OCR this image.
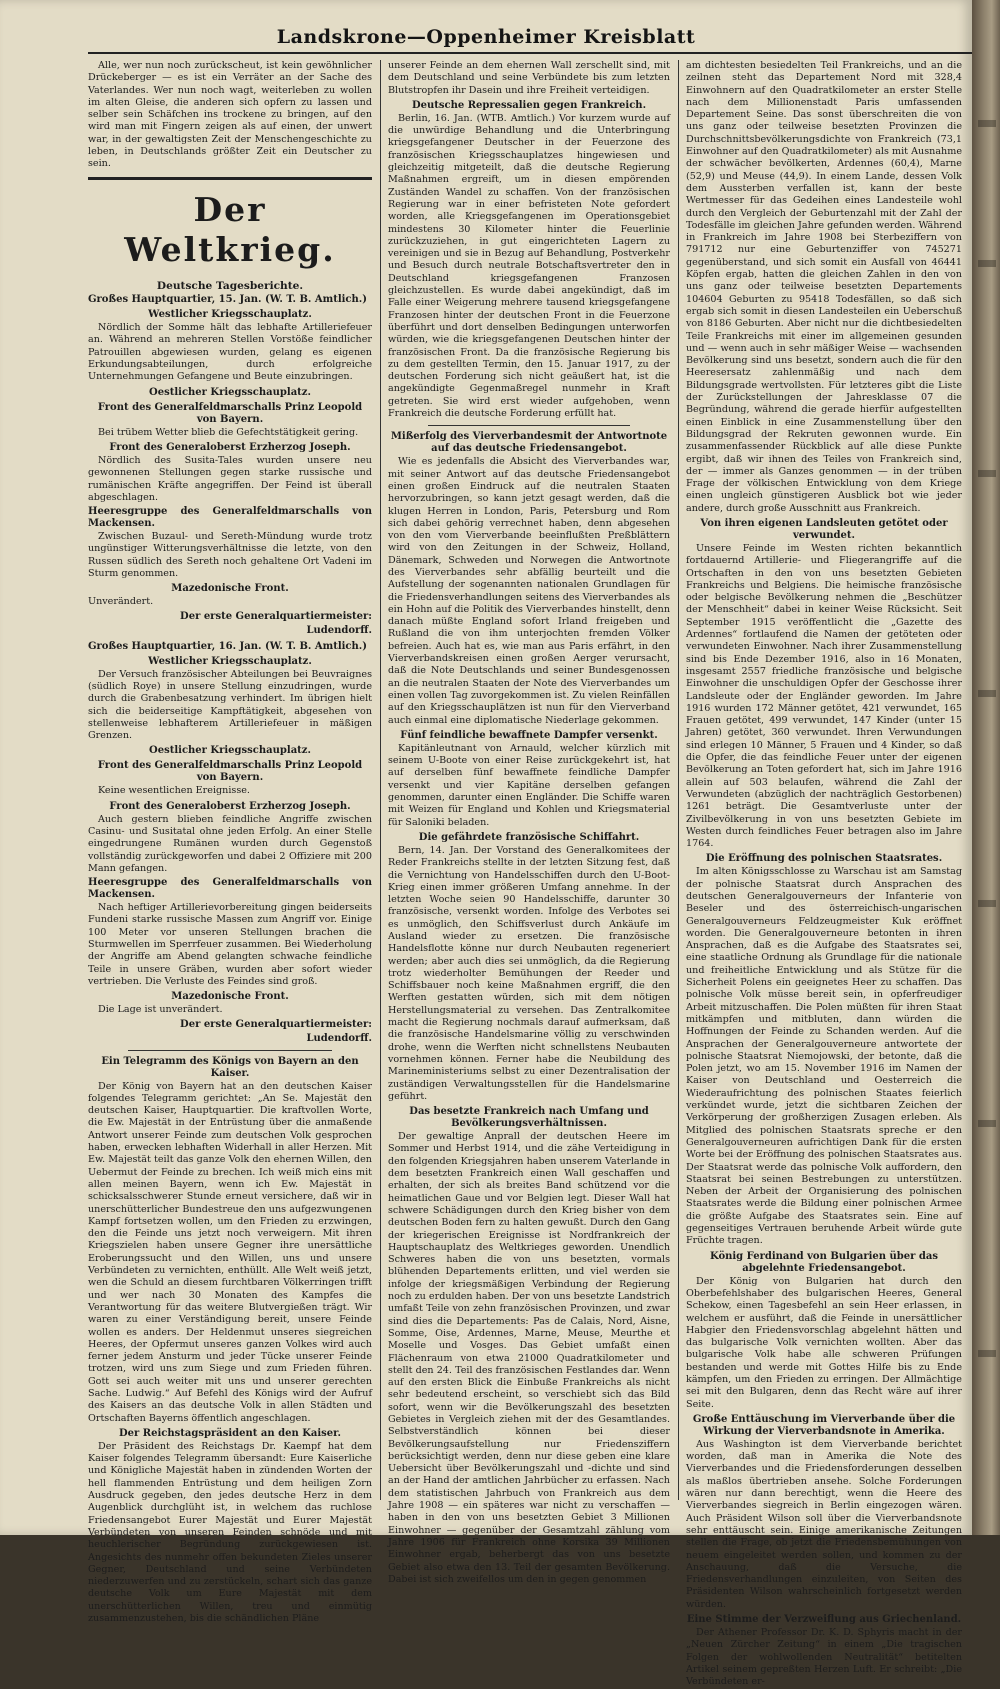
Landskrone—Oppenheimer Kreisblatt

Alle, wer nun noch zurückscheut, ist kein gewöhnlicher Drückeberger — es ist ein Verräter an der Sache des Vaterlandes. Wer nun noch wagt, weiterleben zu wollen im alten Gleise, die anderen sich opfern zu lassen und selber sein Schäfchen ins trockene zu bringen, auf den wird man mit Fingern zeigen als auf einen, der unwert war, in der gewaltigsten Zeit der Menschengeschichte zu leben, in Deutschlands größter Zeit ein Deutscher zu sein.

Der Weltkrieg.
Deutsche Tagesberichte.
Großes Hauptquartier, 15. Jan. (W. T. B. Amtlich.)
Westlicher Kriegsschauplatz.

Nördlich der Somme hält das lebhafte Artilleriefeuer an. Während an mehreren Stellen Vorstöße feindlicher Patrouillen abgewiesen wurden, gelang es eigenen Erkundungsabteilungen, durch erfolgreiche Unternehmungen Gefangene und Beute einzubringen.

Oestlicher Kriegsschauplatz.
Front des Generalfeldmarschalls Prinz Leopold von Bayern.

Bei trübem Wetter blieb die Gefechtstätigkeit gering.

Front des Generaloberst Erzherzog Joseph.

Nördlich des Susita-Tales wurden unsere neu gewonnenen Stellungen gegen starke russische und rumänischen Kräfte angegriffen. Der Feind ist überall abgeschlagen.

Heeresgruppe des Generalfeldmarschalls von Mackensen.

Zwischen Buzaul- und Sereth-Mündung wurde trotz ungünstiger Witterungsverhältnisse die letzte, von den Russen südlich des Sereth noch gehaltene Ort Vadeni im Sturm genommen.

Mazedonische Front.

Unverändert.

Der erste Generalquartiermeister:
Ludendorff.
Großes Hauptquartier, 16. Jan. (W. T. B. Amtlich.)
Westlicher Kriegsschauplatz.

Der Versuch französischer Abteilungen bei Beuvraignes (südlich Roye) in unsere Stellung einzudringen, wurde durch die Grabenbesatzung verhindert. Im übrigen hielt sich die beiderseitige Kampftätigkeit, abgesehen von stellenweise lebhafterem Artilleriefeuer in mäßigen Grenzen.

Oestlicher Kriegsschauplatz.
Front des Generalfeldmarschalls Prinz Leopold von Bayern.

Keine wesentlichen Ereignisse.

Front des Generaloberst Erzherzog Joseph.

Auch gestern blieben feindliche Angriffe zwischen Casinu- und Susitatal ohne jeden Erfolg. An einer Stelle eingedrungene Rumänen wurden durch Gegenstoß vollständig zurückgeworfen und dabei 2 Offiziere mit 200 Mann gefangen.

Heeresgruppe des Generalfeldmarschalls von Mackensen.

Nach heftiger Artillerievorbereitung gingen beiderseits Fundeni starke russische Massen zum Angriff vor. Einige 100 Meter vor unseren Stellungen brachen die Sturmwellen im Sperrfeuer zusammen. Bei Wiederholung der Angriffe am Abend gelangten schwache feindliche Teile in unsere Gräben, wurden aber sofort wieder vertrieben. Die Verluste des Feindes sind groß.

Mazedonische Front.

Die Lage ist unverändert.

Der erste Generalquartiermeister:
Ludendorff.
Ein Telegramm des Königs von Bayern an den Kaiser.

Der König von Bayern hat an den deutschen Kaiser folgendes Telegramm gerichtet: „An Se. Majestät den deutschen Kaiser, Hauptquartier. Die kraftvollen Worte, die Ew. Majestät in der Entrüstung über die anmaßende Antwort unserer Feinde zum deutschen Volk gesprochen haben, erwecken lebhaften Widerhall in aller Herzen. Mit Ew. Majestät teilt das ganze Volk den ehernen Willen, den Uebermut der Feinde zu brechen. Ich weiß mich eins mit allen meinen Bayern, wenn ich Ew. Majestät in schicksalsschwerer Stunde erneut versichere, daß wir in unerschütterlicher Bundestreue den uns aufgezwungenen Kampf fortsetzen wollen, um den Frieden zu erzwingen, den die Feinde uns jetzt noch verweigern. Mit ihren Kriegszielen haben unsere Gegner ihre unersättliche Eroberungssucht und den Willen, uns und unsere Verbündeten zu vernichten, enthüllt. Alle Welt weiß jetzt, wen die Schuld an diesem furchtbaren Völkerringen trifft und wer nach 30 Monaten des Kampfes die Verantwortung für das weitere Blutvergießen trägt. Wir waren zu einer Verständigung bereit, unsere Feinde wollen es anders. Der Heldenmut unseres siegreichen Heeres, der Opfermut unseres ganzen Volkes wird auch ferner jedem Ansturm und jeder Tücke unserer Feinde trotzen, wird uns zum Siege und zum Frieden führen. Gott sei auch weiter mit uns und unserer gerechten Sache. Ludwig.“ Auf Befehl des Königs wird der Aufruf des Kaisers an das deutsche Volk in allen Städten und Ortschaften Bayerns öffentlich angeschlagen.

Der Reichstagspräsident an den Kaiser.

Der Präsident des Reichstags Dr. Kaempf hat dem Kaiser folgendes Telegramm übersandt: Eure Kaiserliche und Königliche Majestät haben in zündenden Worten der hell flammenden Entrüstung und dem heiligen Zorn Ausdruck gegeben, den jedes deutsche Herz in dem Augenblick durchglüht ist, in welchem das ruchlose Friedensangebot Eurer Majestät und Eurer Majestät Verbündeten von unseren Feinden schnöde und mit heuchlerischer Begründung zurückgewiesen ist. Angesichts des nunmehr offen bekundeten Zieles unserer Gegner, Deutschland und seine Verbündeten niederzuwerfen und zu zerstückeln, schart sich das ganze deutsche Volk um Eure Majestät mit dem unerschütterlichen Willen, treu und einmütig zusammenzustehen, bis die schändlichen Pläne

unserer Feinde an dem ehernen Wall zerschellt sind, mit dem Deutschland und seine Verbündete bis zum letzten Blutstropfen ihr Dasein und ihre Freiheit verteidigen.

Deutsche Repressalien gegen Frankreich.

Berlin, 16. Jan. (WTB. Amtlich.) Vor kurzem wurde auf die unwürdige Behandlung und die Unterbringung kriegsgefangener Deutscher in der Feuerzone des französischen Kriegsschauplatzes hingewiesen und gleichzeitig mitgeteilt, daß die deutsche Regierung Maßnahmen ergreift, um in diesen empörenden Zuständen Wandel zu schaffen. Von der französischen Regierung war in einer befristeten Note gefordert worden, alle Kriegsgefangenen im Operationsgebiet mindestens 30 Kilometer hinter die Feuerlinie zurückzuziehen, in gut eingerichteten Lagern zu vereinigen und sie in Bezug auf Behandlung, Postverkehr und Besuch durch neutrale Botschaftsvertreter den in Deutschland kriegsgefangenen Franzosen gleichzustellen. Es wurde dabei angekündigt, daß im Falle einer Weigerung mehrere tausend kriegsgefangene Franzosen hinter der deutschen Front in die Feuerzone überführt und dort denselben Bedingungen unterworfen würden, wie die kriegsgefangenen Deutschen hinter der französischen Front. Da die französische Regierung bis zu dem gestellten Termin, den 15. Januar 1917, zu der deutschen Forderung sich nicht geäußert hat, ist die angekündigte Gegenmaßregel nunmehr in Kraft getreten. Sie wird erst wieder aufgehoben, wenn Frankreich die deutsche Forderung erfüllt hat.

Mißerfolg des Vierverbandesmit der Antwortnote auf das deutsche Friedensangebot.

Wie es jedenfalls die Absicht des Vierverbandes war, mit seiner Antwort auf das deutsche Friedensangebot einen großen Eindruck auf die neutralen Staaten hervorzubringen, so kann jetzt gesagt werden, daß die klugen Herren in London, Paris, Petersburg und Rom sich dabei gehörig verrechnet haben, denn abgesehen von den vom Vierverbande beeinflußten Preßblättern wird von den Zeitungen in der Schweiz, Holland, Dänemark, Schweden und Norwegen die Antwortnote des Vierverbandes sehr abfällig beurteilt und die Aufstellung der sogenannten nationalen Grundlagen für die Friedensverhandlungen seitens des Vierverbandes als ein Hohn auf die Politik des Vierverbandes hinstellt, denn danach müßte England sofort Irland freigeben und Rußland die von ihm unterjochten fremden Völker befreien. Auch hat es, wie man aus Paris erfährt, in den Vierverbandskreisen einen großen Aerger verursacht, daß die Note Deutschlands und seiner Bundesgenossen an die neutralen Staaten der Note des Vierverbandes um einen vollen Tag zuvorgekommen ist. Zu vielen Reinfällen auf den Kriegsschauplätzen ist nun für den Vierverband auch einmal eine diplomatische Niederlage gekommen.

Fünf feindliche bewaffnete Dampfer versenkt.

Kapitänleutnant von Arnauld, welcher kürzlich mit seinem U-Boote von einer Reise zurückgekehrt ist, hat auf derselben fünf bewaffnete feindliche Dampfer versenkt und vier Kapitäne derselben gefangen genommen, darunter einen Engländer. Die Schiffe waren mit Weizen für England und Kohlen und Kriegsmaterial für Saloniki beladen.

Die gefährdete französische Schiffahrt.

Bern, 14. Jan. Der Vorstand des Generalkomitees der Reder Frankreichs stellte in der letzten Sitzung fest, daß die Vernichtung von Handelsschiffen durch den U-Boot-Krieg einen immer größeren Umfang annehme. In der letzten Woche seien 90 Handelsschiffe, darunter 30 französische, versenkt worden. Infolge des Verbotes sei es unmöglich, den Schiffsverlust durch Ankäufe im Ausland wieder zu ersetzen. Die französische Handelsflotte könne nur durch Neubauten regeneriert werden; aber auch dies sei unmöglich, da die Regierung trotz wiederholter Bemühungen der Reeder und Schiffsbauer noch keine Maßnahmen ergriff, die den Werften gestatten würden, sich mit dem nötigen Herstellungsmaterial zu versehen. Das Zentralkomitee macht die Regierung nochmals darauf aufmerksam, daß die französische Handelsmarine völlig zu verschwinden drohe, wenn die Werften nicht schnellstens Neubauten vornehmen können. Ferner habe die Neubildung des Marineministeriums selbst zu einer Dezentralisation der zuständigen Verwaltungsstellen für die Handelsmarine geführt.

Das besetzte Frankreich nach Umfang und Bevölkerungsverhältnissen.

Der gewaltige Anprall der deutschen Heere im Sommer und Herbst 1914, und die zähe Verteidigung in den folgenden Kriegsjahren haben unserem Vaterlande in dem besetzten Frankreich einen Wall geschaffen und erhalten, der sich als breites Band schützend vor die heimatlichen Gaue und vor Belgien legt. Dieser Wall hat schwere Schädigungen durch den Krieg bisher von dem deutschen Boden fern zu halten gewußt. Durch den Gang der kriegerischen Ereignisse ist Nordfrankreich der Hauptschauplatz des Weltkrieges geworden. Unendlich Schweres haben die von uns besetzten, vormals blühenden Departements erlitten, und viel werden sie infolge der kriegsmäßigen Verbindung der Regierung noch zu erdulden haben. Der von uns besetzte Landstrich umfaßt Teile von zehn französischen Provinzen, und zwar sind dies die Departements: Pas de Calais, Nord, Aisne, Somme, Oise, Ardennes, Marne, Meuse, Meurthe et Moselle und Vosges. Das Gebiet umfaßt einen Flächenraum von etwa 21000 Quadratkilometer und stellt den 24. Teil des französischen Festlandes dar. Wenn auf den ersten Blick die Einbuße Frankreichs als nicht sehr bedeutend erscheint, so verschiebt sich das Bild sofort, wenn wir die Bevölkerungszahl des besetzten Gebietes in Vergleich ziehen mit der des Gesamtlandes. Selbstverständlich können bei dieser Bevölkerungsaufstellung nur Friedensziffern berücksichtigt werden, denn nur diese geben eine klare Uebersicht über Bevölkerungszahl und -dichte und sind an der Hand der amtlichen Jahrbücher zu erfassen. Nach dem statistischen Jahrbuch von Frankreich aus dem Jahre 1908 — ein späteres war nicht zu verschaffen — haben in den von uns besetzten Gebiet 3 Millionen Einwohner — gegenüber der Gesamtzahl zählung vom Jahre 1906 für Frankreich ohne Korsika 39 Millionen Einwohner ergab, beherbergt das von uns besetzte Gebiet also etwa den 13. Teil der gesamten Bevölkerung. Dabei ist sich zweifellos um den in gegen genommen

am dichtesten besiedelten Teil Frankreichs, und an die zeilnen steht das Departement Nord mit 328,4 Einwohnern auf den Quadratkilometer an erster Stelle nach dem Millionenstadt Paris umfassenden Departement Seine. Das sonst überschreiten die von uns ganz oder teilweise besetzten Provinzen die Durchschnittsbevölkerungsdichte von Frankreich (73,1 Einwohner auf den Quadratkilometer) als mit Ausnahme der schwächer bevölkerten, Ardennes (60,4), Marne (52,9) und Meuse (44,9). In einem Lande, dessen Volk dem Aussterben verfallen ist, kann der beste Wertmesser für das Gedeihen eines Landesteile wohl durch den Vergleich der Geburtenzahl mit der Zahl der Todesfälle im gleichen Jahre gefunden werden. Während in Frankreich im Jahre 1908 bei Sterbeziffern von 791712 nur eine Geburtenziffer von 745271 gegenüberstand, und sich somit ein Ausfall von 46441 Köpfen ergab, hatten die gleichen Zahlen in den von uns ganz oder teilweise besetzten Departements 104604 Geburten zu 95418 Todesfällen, so daß sich ergab sich somit in diesen Landesteilen ein Ueberschuß von 8186 Geburten. Aber nicht nur die dichtbesiedelten Teile Frankreichs mit einer im allgemeinen gesunden und — wenn auch in sehr mäßiger Weise — wachsenden Bevölkerung sind uns besetzt, sondern auch die für den Heeresersatz zahlenmäßig und nach dem Bildungsgrade wertvollsten. Für letzteres gibt die Liste der Zurückstellungen der Jahresklasse 07 die Begründung, während die gerade hierfür aufgestellten einen Einblick in eine Zusammenstellung über den Bildungsgrad der Rekruten gewonnen wurde. Ein zusammenfassender Rückblick auf alle diese Punkte ergibt, daß wir ihnen des Teiles von Frankreich sind, der — immer als Ganzes genommen — in der trüben Frage der völkischen Entwicklung von dem Kriege einen ungleich günstigeren Ausblick bot wie jeder andere, durch große Ausschnitt aus Frankreich.

Von ihren eigenen Landsleuten getötet oder verwundet.

Unsere Feinde im Westen richten bekanntlich fortdauernd Artillerie- und Fliegerangriffe auf die Ortschaften in den von uns besetzten Gebieten Frankreichs und Belgiens. Die heimische französische oder belgische Bevölkerung nehmen die „Beschützer der Menschheit“ dabei in keiner Weise Rücksicht. Seit September 1915 veröffentlicht die „Gazette des Ardennes“ fortlaufend die Namen der getöteten oder verwundeten Einwohner. Nach ihrer Zusammenstellung sind bis Ende Dezember 1916, also in 16 Monaten, insgesamt 2557 friedliche französische und belgische Einwohner die unschuldigen Opfer der Geschosse ihrer Landsleute oder der Engländer geworden. Im Jahre 1916 wurden 172 Männer getötet, 421 verwundet, 165 Frauen getötet, 499 verwundet, 147 Kinder (unter 15 Jahren) getötet, 360 verwundet. Ihren Verwundungen sind erlegen 10 Männer, 5 Frauen und 4 Kinder, so daß die Opfer, die das feindliche Feuer unter der eigenen Bevölkerung an Toten gefordert hat, sich im Jahre 1916 allein auf 503 belaufen, während die Zahl der Verwundeten (abzüglich der nachträglich Gestorbenen) 1261 beträgt. Die Gesamtverluste unter der Zivilbevölkerung in von uns besetzten Gebiete im Westen durch feindliches Feuer betragen also im Jahre 1764.

Die Eröffnung des polnischen Staatsrates.

Im alten Königsschlosse zu Warschau ist am Samstag der polnische Staatsrat durch Ansprachen des deutschen Generalgouverneurs der Infanterie von Beseler und des österreichisch-ungarischen Generalgouverneurs Feldzeugmeister Kuk eröffnet worden. Die Generalgouverneure betonten in ihren Ansprachen, daß es die Aufgabe des Staatsrates sei, eine staatliche Ordnung als Grundlage für die nationale und freiheitliche Entwicklung und als Stütze für die Sicherheit Polens ein geeignetes Heer zu schaffen. Das polnische Volk müsse bereit sein, in opferfreudiger Arbeit mitzuschaffen. Die Polen müßten für ihren Staat mitkämpfen und mitbluten, dann würden die Hoffnungen der Feinde zu Schanden werden. Auf die Ansprachen der Generalgouverneure antwortete der polnische Staatsrat Niemojowski, der betonte, daß die Polen jetzt, wo am 15. November 1916 im Namen der Kaiser von Deutschland und Oesterreich die Wiederaufrichtung des polnischen Staates feierlich verkündet wurde, jetzt die sichtbaren Zeichen der Verkörperung der großherzigen Zusagen erleben. Als Mitglied des polnischen Staatsrats spreche er den Generalgouverneuren aufrichtigen Dank für die ersten Worte bei der Eröffnung des polnischen Staatsrates aus. Der Staatsrat werde das polnische Volk auffordern, den Staatsrat bei seinen Bestrebungen zu unterstützen. Neben der Arbeit der Organisierung des polnischen Staatsrates werde die Bildung einer polnischen Armee die größte Aufgabe des Staatsrates sein. Eine auf gegenseitiges Vertrauen beruhende Arbeit würde gute Früchte tragen.

König Ferdinand von Bulgarien über das abgelehnte Friedensangebot.

Der König von Bulgarien hat durch den Oberbefehlshaber des bulgarischen Heeres, General Schekow, einen Tagesbefehl an sein Heer erlassen, in welchem er ausführt, daß die Feinde in unersättlicher Habgier den Friedensvorschlag abgelehnt hätten und das bulgarische Volk vernichten wollten. Aber das bulgarische Volk habe alle schweren Prüfungen bestanden und werde mit Gottes Hilfe bis zu Ende kämpfen, um den Frieden zu erringen. Der Allmächtige sei mit den Bulgaren, denn das Recht wäre auf ihrer Seite.

Große Enttäuschung im Vierverbande über die Wirkung der Vierverbandsnote in Amerika.

Aus Washington ist dem Vierverbande berichtet worden, daß man in Amerika die Note des Vierverbandes und die Friedensforderungen desselben als maßlos übertrieben ansehe. Solche Forderungen wären nur dann berechtigt, wenn die Heere des Vierverbandes siegreich in Berlin eingezogen wären. Auch Präsident Wilson soll über die Vierverbandsnote sehr enttäuscht sein. Einige amerikanische Zeitungen stellen die Frage, ob jetzt die Friedensbemühungen von neuem eingeleitet werden sollen, und kommen zu der Anschauung, daß die Versuche, die Friedensverhandlungen einzuleiten, von Seiten des Präsidenten Wilson wahrscheinlich fortgesetzt werden würden.

Eine Stimme der Verzweiflung aus Griechenland.

Der Athener Professor Dr. K. D. Sphyris macht in der „Neuen Zürcher Zeitung“ in einem „Die tragischen Folgen der wohlwollenden Neutralität“ betitelten Artikel seinem gepreßten Herzen Luft. Er schreibt: „Die Verbündeten er-
